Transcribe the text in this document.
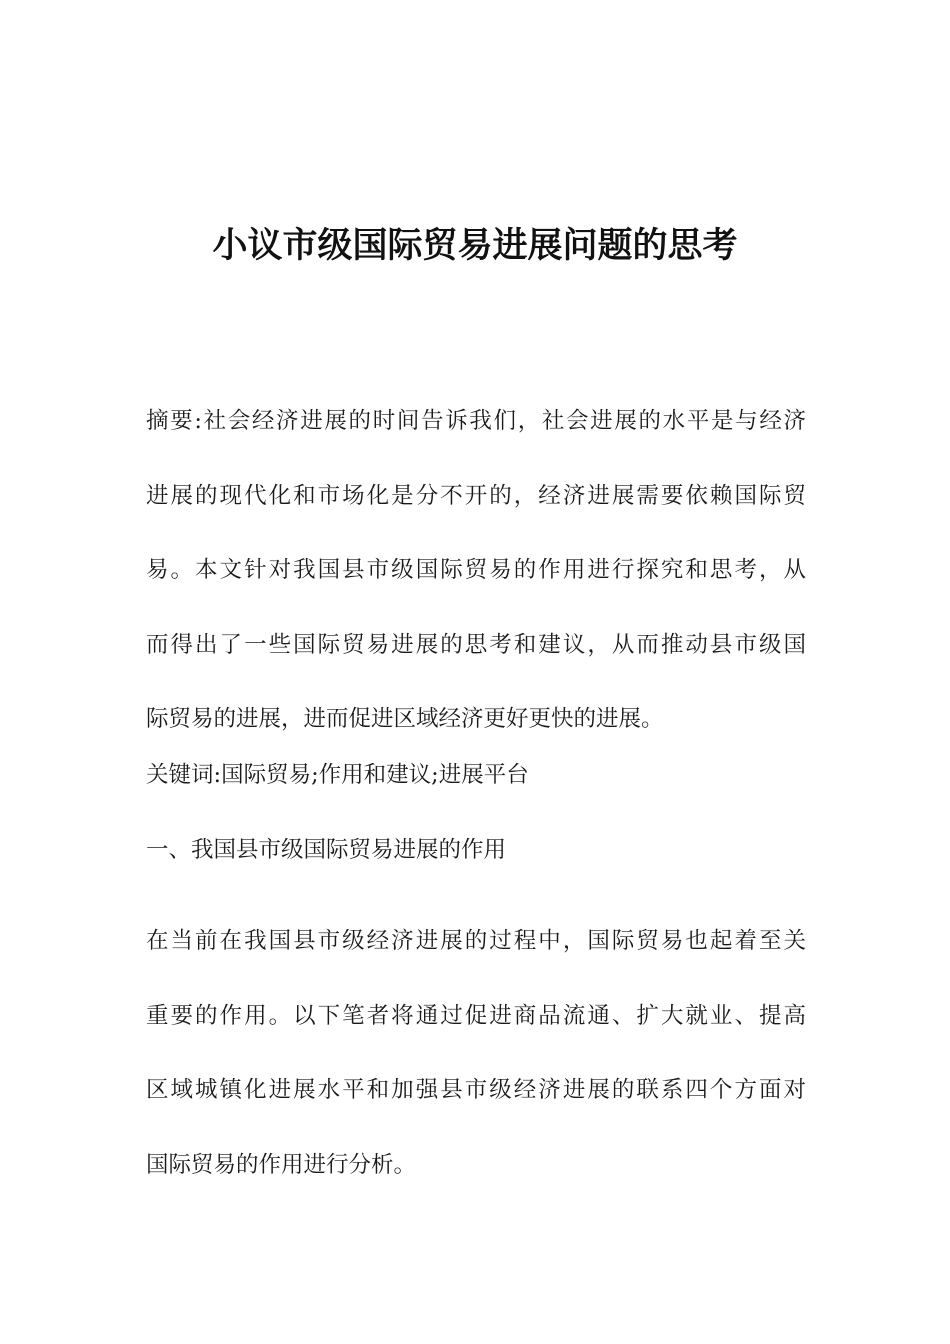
小议市级国际贸易进展问题的思考
摘要:社会经济进展的时间告诉我们，社会进展的水平是与经济
进展的现代化和市场化是分不开的，经济进展需要依赖国际贸
易。本文针对我国县市级国际贸易的作用进行探究和思考，从
而得出了一些国际贸易进展的思考和建议，从而推动县市级国
际贸易的进展，进而促进区域经济更好更快的进展。
关键词:国际贸易;作用和建议;进展平台
一、我国县市级国际贸易进展的作用
在当前在我国县市级经济进展的过程中，国际贸易也起着至关
重要的作用。以下笔者将通过促进商品流通、扩大就业、提高
区域城镇化进展水平和加强县市级经济进展的联系四个方面对
国际贸易的作用进行分析。
